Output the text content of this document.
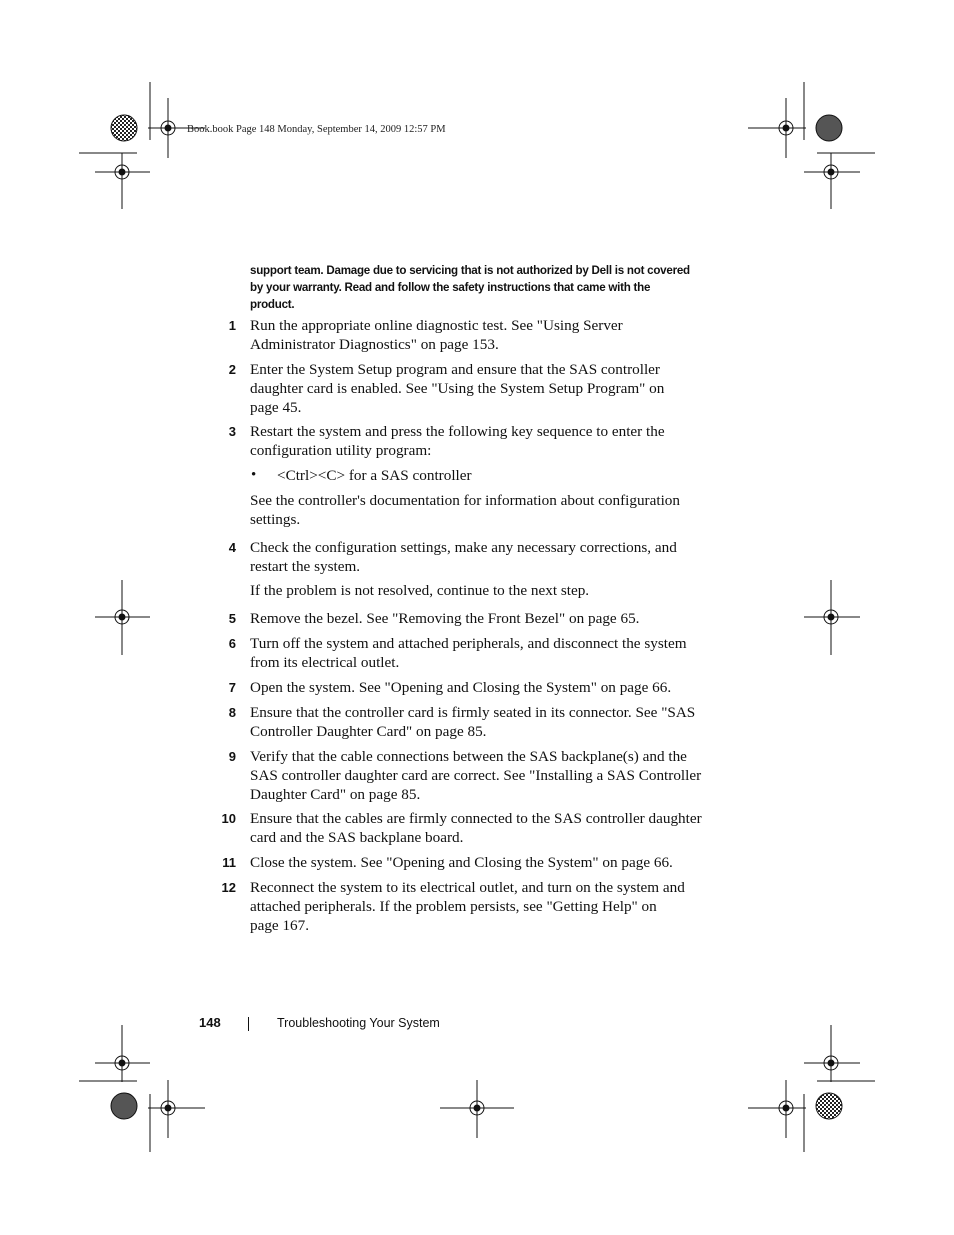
Book.book Page 148 Monday, September 14, 2009 12:57 PM
support team. Damage due to servicing that is not authorized by Dell is not covered
by your warranty. Read and follow the safety instructions that came with the
product.
1 Run the appropriate online diagnostic test. See "Using Server
Administrator Diagnostics" on page 153.
2 Enter the System Setup program and ensure that the SAS controller
daughter card is enabled. See "Using the System Setup Program" on
page 45.
3 Restart the system and press the following key sequence to enter the
configuration utility program:
• <Ctrl><C> for a SAS controller
See the controller's documentation for information about configuration
settings.
4 Check the configuration settings, make any necessary corrections, and
restart the system.
If the problem is not resolved, continue to the next step.
5 Remove the bezel. See "Removing the Front Bezel" on page 65.
6 Turn off the system and attached peripherals, and disconnect the system
from its electrical outlet.
7 Open the system. See "Opening and Closing the System" on page 66.
8 Ensure that the controller card is firmly seated in its connector. See "SAS
Controller Daughter Card" on page 85.
9 Verify that the cable connections between the SAS backplane(s) and the
SAS controller daughter card are correct. See "Installing a SAS Controller
Daughter Card" on page 85.
10 Ensure that the cables are firmly connected to the SAS controller daughter
card and the SAS backplane board.
11 Close the system. See "Opening and Closing the System" on page 66.
12 Reconnect the system to its electrical outlet, and turn on the system and
attached peripherals. If the problem persists, see "Getting Help" on
page 167.
148	Troubleshooting Your System
